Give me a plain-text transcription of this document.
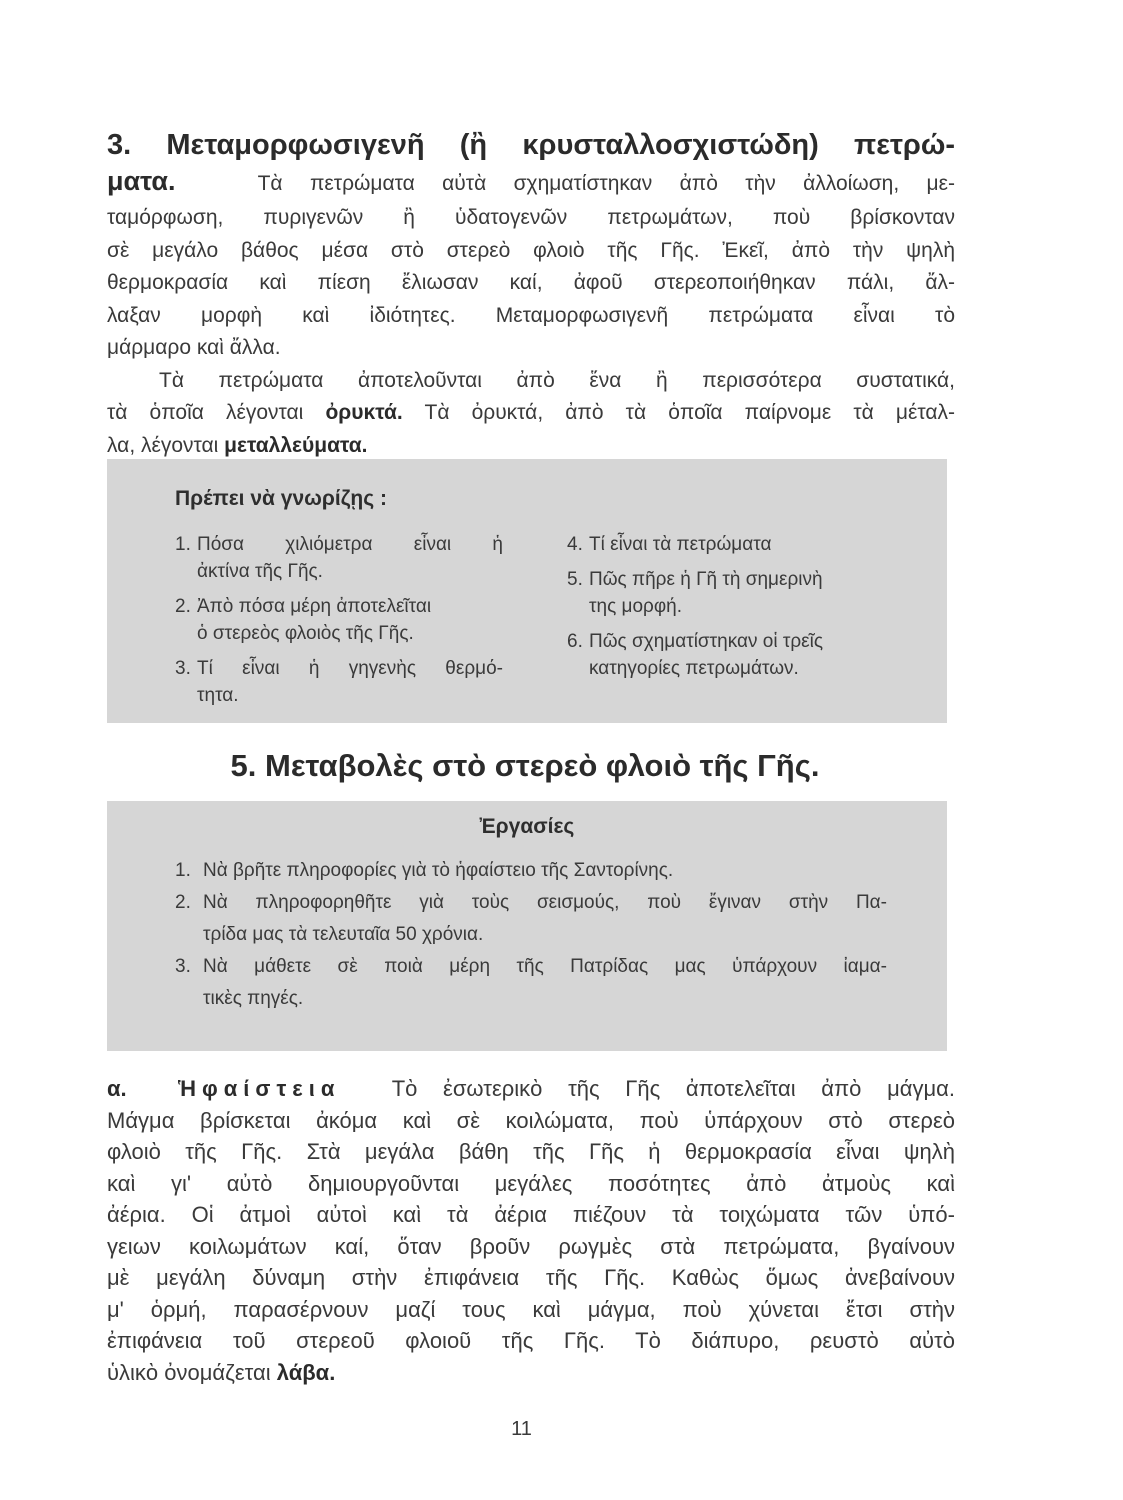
3. Μεταμορφωσιγενῆ (ἢ κρυσταλλοσχιστώδη) πετρώ-
ματα.	Τὰ πετρώματα αὐτὰ σχηματίστηκαν ἀπὸ τὴν ἀλλοίωση, με-
ταμόρφωση, πυριγενῶν ἢ ὑδατογενῶν πετρωμάτων, ποὺ βρίσκονταν
σὲ μεγάλο βάθος μέσα στὸ στερεὸ φλοιὸ τῆς Γῆς. Ἐκεῖ, ἀπὸ τὴν ψηλὴ
θερμοκρασία καὶ πίεση ἔλιωσαν καί, ἀφοῦ στερεοποιήθηκαν πάλι, ἄλ-
λαξαν μορφὴ καὶ ἰδιότητες. Μεταμορφωσιγενῆ πετρώματα εἶναι τὸ
μάρμαρο καὶ ἄλλα.
Τὰ πετρώματα ἀποτελοῦνται ἀπὸ ἕνα ἢ περισσότερα συστατικά,
τὰ ὁποῖα λέγονται ὀρυκτά. Τὰ ὀρυκτά, ἀπὸ τὰ ὁποῖα παίρνομε τὰ μέταλ-
λα, λέγονται μεταλλεύματα.
Πρέπει νὰ γνωρίζῃς :
1. Πόσα χιλιόμετρα εἶναι ἡ
ἀκτίνα τῆς Γῆς.
2. Ἀπὸ πόσα μέρη ἀποτελεῖται
ὁ στερεὸς φλοιὸς τῆς Γῆς.
3. Τί εἶναι ἡ γηγενὴς θερμό-
τητα.
4. Τί εἶναι τὰ πετρώματα
5. Πῶς πῆρε ἡ Γῆ τὴ σημερινὴ
της μορφή.
6. Πῶς σχηματίστηκαν οἱ τρεῖς
κατηγορίες πετρωμάτων.
5. Μεταβολὲς στὸ στερεὸ φλοιὸ τῆς Γῆς.
Ἐργασίες
1. Νὰ βρῆτε πληροφορίες γιὰ τὸ ἡφαίστειο τῆς Σαντορίνης.
2. Νὰ πληροφορηθῆτε γιὰ τοὺς σεισμούς, ποὺ ἔγιναν στὴν Πα-
τρίδα μας τὰ τελευταῖα 50 χρόνια.
3. Νὰ μάθετε σὲ ποιὰ μέρη τῆς Πατρίδας μας ὑπάρχουν ἰαμα-
τικὲς πηγές.
α. Ἡφαίστεια Τὸ ἐσωτερικὸ τῆς Γῆς ἀποτελεῖται ἀπὸ μάγμα.
Μάγμα βρίσκεται ἀκόμα καὶ σὲ κοιλώματα, ποὺ ὑπάρχουν στὸ στερεὸ
φλοιὸ τῆς Γῆς. Στὰ μεγάλα βάθη τῆς Γῆς ἡ θερμοκρασία εἶναι ψηλὴ
καὶ γι' αὐτὸ δημιουργοῦνται μεγάλες ποσότητες ἀπὸ ἀτμοὺς καὶ
ἀέρια. Οἱ ἀτμοὶ αὐτοὶ καὶ τὰ ἀέρια πιέζουν τὰ τοιχώματα τῶν ὑπό-
γειων κοιλωμάτων καί, ὅταν βροῦν ρωγμὲς στὰ πετρώματα, βγαίνουν
μὲ μεγάλη δύναμη στὴν ἐπιφάνεια τῆς Γῆς. Καθὼς ὅμως ἀνεβαίνουν
μ' ὁρμή, παρασέρνουν μαζί τους καὶ μάγμα, ποὺ χύνεται ἔτσι στὴν
ἐπιφάνεια τοῦ στερεοῦ φλοιοῦ τῆς Γῆς. Τὸ διάπυρο, ρευστὸ αὐτὸ
ὑλικὸ ὀνομάζεται λάβα.
11
